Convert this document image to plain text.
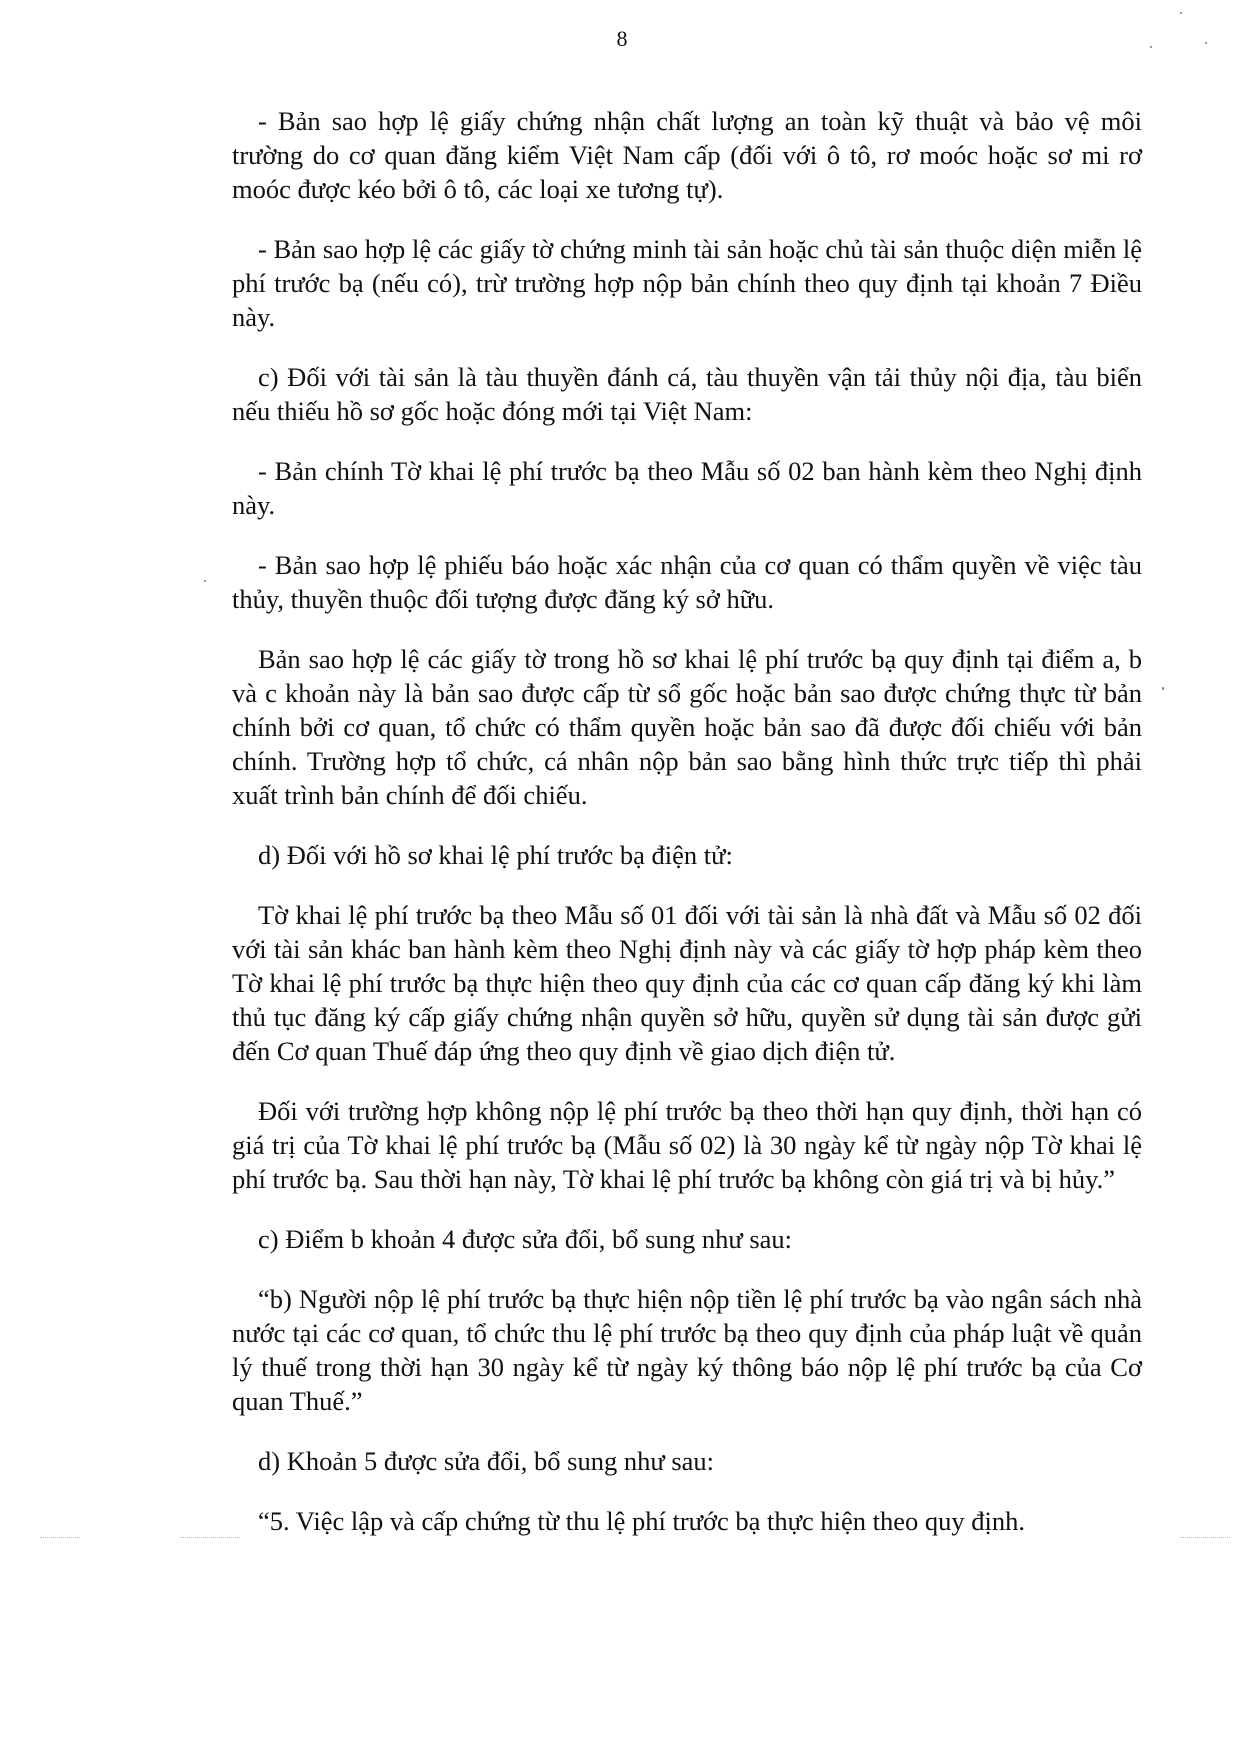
8

- Bản sao hợp lệ giấy chứng nhận chất lượng an toàn kỹ thuật và bảo vệ môi trường do cơ quan đăng kiểm Việt Nam cấp (đối với ô tô, rơ moóc hoặc sơ mi rơ moóc được kéo bởi ô tô, các loại xe tương tự).

- Bản sao hợp lệ các giấy tờ chứng minh tài sản hoặc chủ tài sản thuộc diện miễn lệ phí trước bạ (nếu có), trừ trường hợp nộp bản chính theo quy định tại khoản 7 Điều này.

c) Đối với tài sản là tàu thuyền đánh cá, tàu thuyền vận tải thủy nội địa, tàu biển nếu thiếu hồ sơ gốc hoặc đóng mới tại Việt Nam:

- Bản chính Tờ khai lệ phí trước bạ theo Mẫu số 02 ban hành kèm theo Nghị định này.

- Bản sao hợp lệ phiếu báo hoặc xác nhận của cơ quan có thẩm quyền về việc tàu thủy, thuyền thuộc đối tượng được đăng ký sở hữu.

Bản sao hợp lệ các giấy tờ trong hồ sơ khai lệ phí trước bạ quy định tại điểm a, b và c khoản này là bản sao được cấp từ sổ gốc hoặc bản sao được chứng thực từ bản chính bởi cơ quan, tổ chức có thẩm quyền hoặc bản sao đã được đối chiếu với bản chính. Trường hợp tổ chức, cá nhân nộp bản sao bằng hình thức trực tiếp thì phải xuất trình bản chính để đối chiếu.

d) Đối với hồ sơ khai lệ phí trước bạ điện tử:

Tờ khai lệ phí trước bạ theo Mẫu số 01 đối với tài sản là nhà đất và Mẫu số 02 đối với tài sản khác ban hành kèm theo Nghị định này và các giấy tờ hợp pháp kèm theo Tờ khai lệ phí trước bạ thực hiện theo quy định của các cơ quan cấp đăng ký khi làm thủ tục đăng ký cấp giấy chứng nhận quyền sở hữu, quyền sử dụng tài sản được gửi đến Cơ quan Thuế đáp ứng theo quy định về giao dịch điện tử.

Đối với trường hợp không nộp lệ phí trước bạ theo thời hạn quy định, thời hạn có giá trị của Tờ khai lệ phí trước bạ (Mẫu số 02) là 30 ngày kể từ ngày nộp Tờ khai lệ phí trước bạ. Sau thời hạn này, Tờ khai lệ phí trước bạ không còn giá trị và bị hủy.”

c) Điểm b khoản 4 được sửa đổi, bổ sung như sau:

“b) Người nộp lệ phí trước bạ thực hiện nộp tiền lệ phí trước bạ vào ngân sách nhà nước tại các cơ quan, tổ chức thu lệ phí trước bạ theo quy định của pháp luật về quản lý thuế trong thời hạn 30 ngày kể từ ngày ký thông báo nộp lệ phí trước bạ của Cơ quan Thuế.”

d) Khoản 5 được sửa đổi, bổ sung như sau:

“5. Việc lập và cấp chứng từ thu lệ phí trước bạ thực hiện theo quy định.
